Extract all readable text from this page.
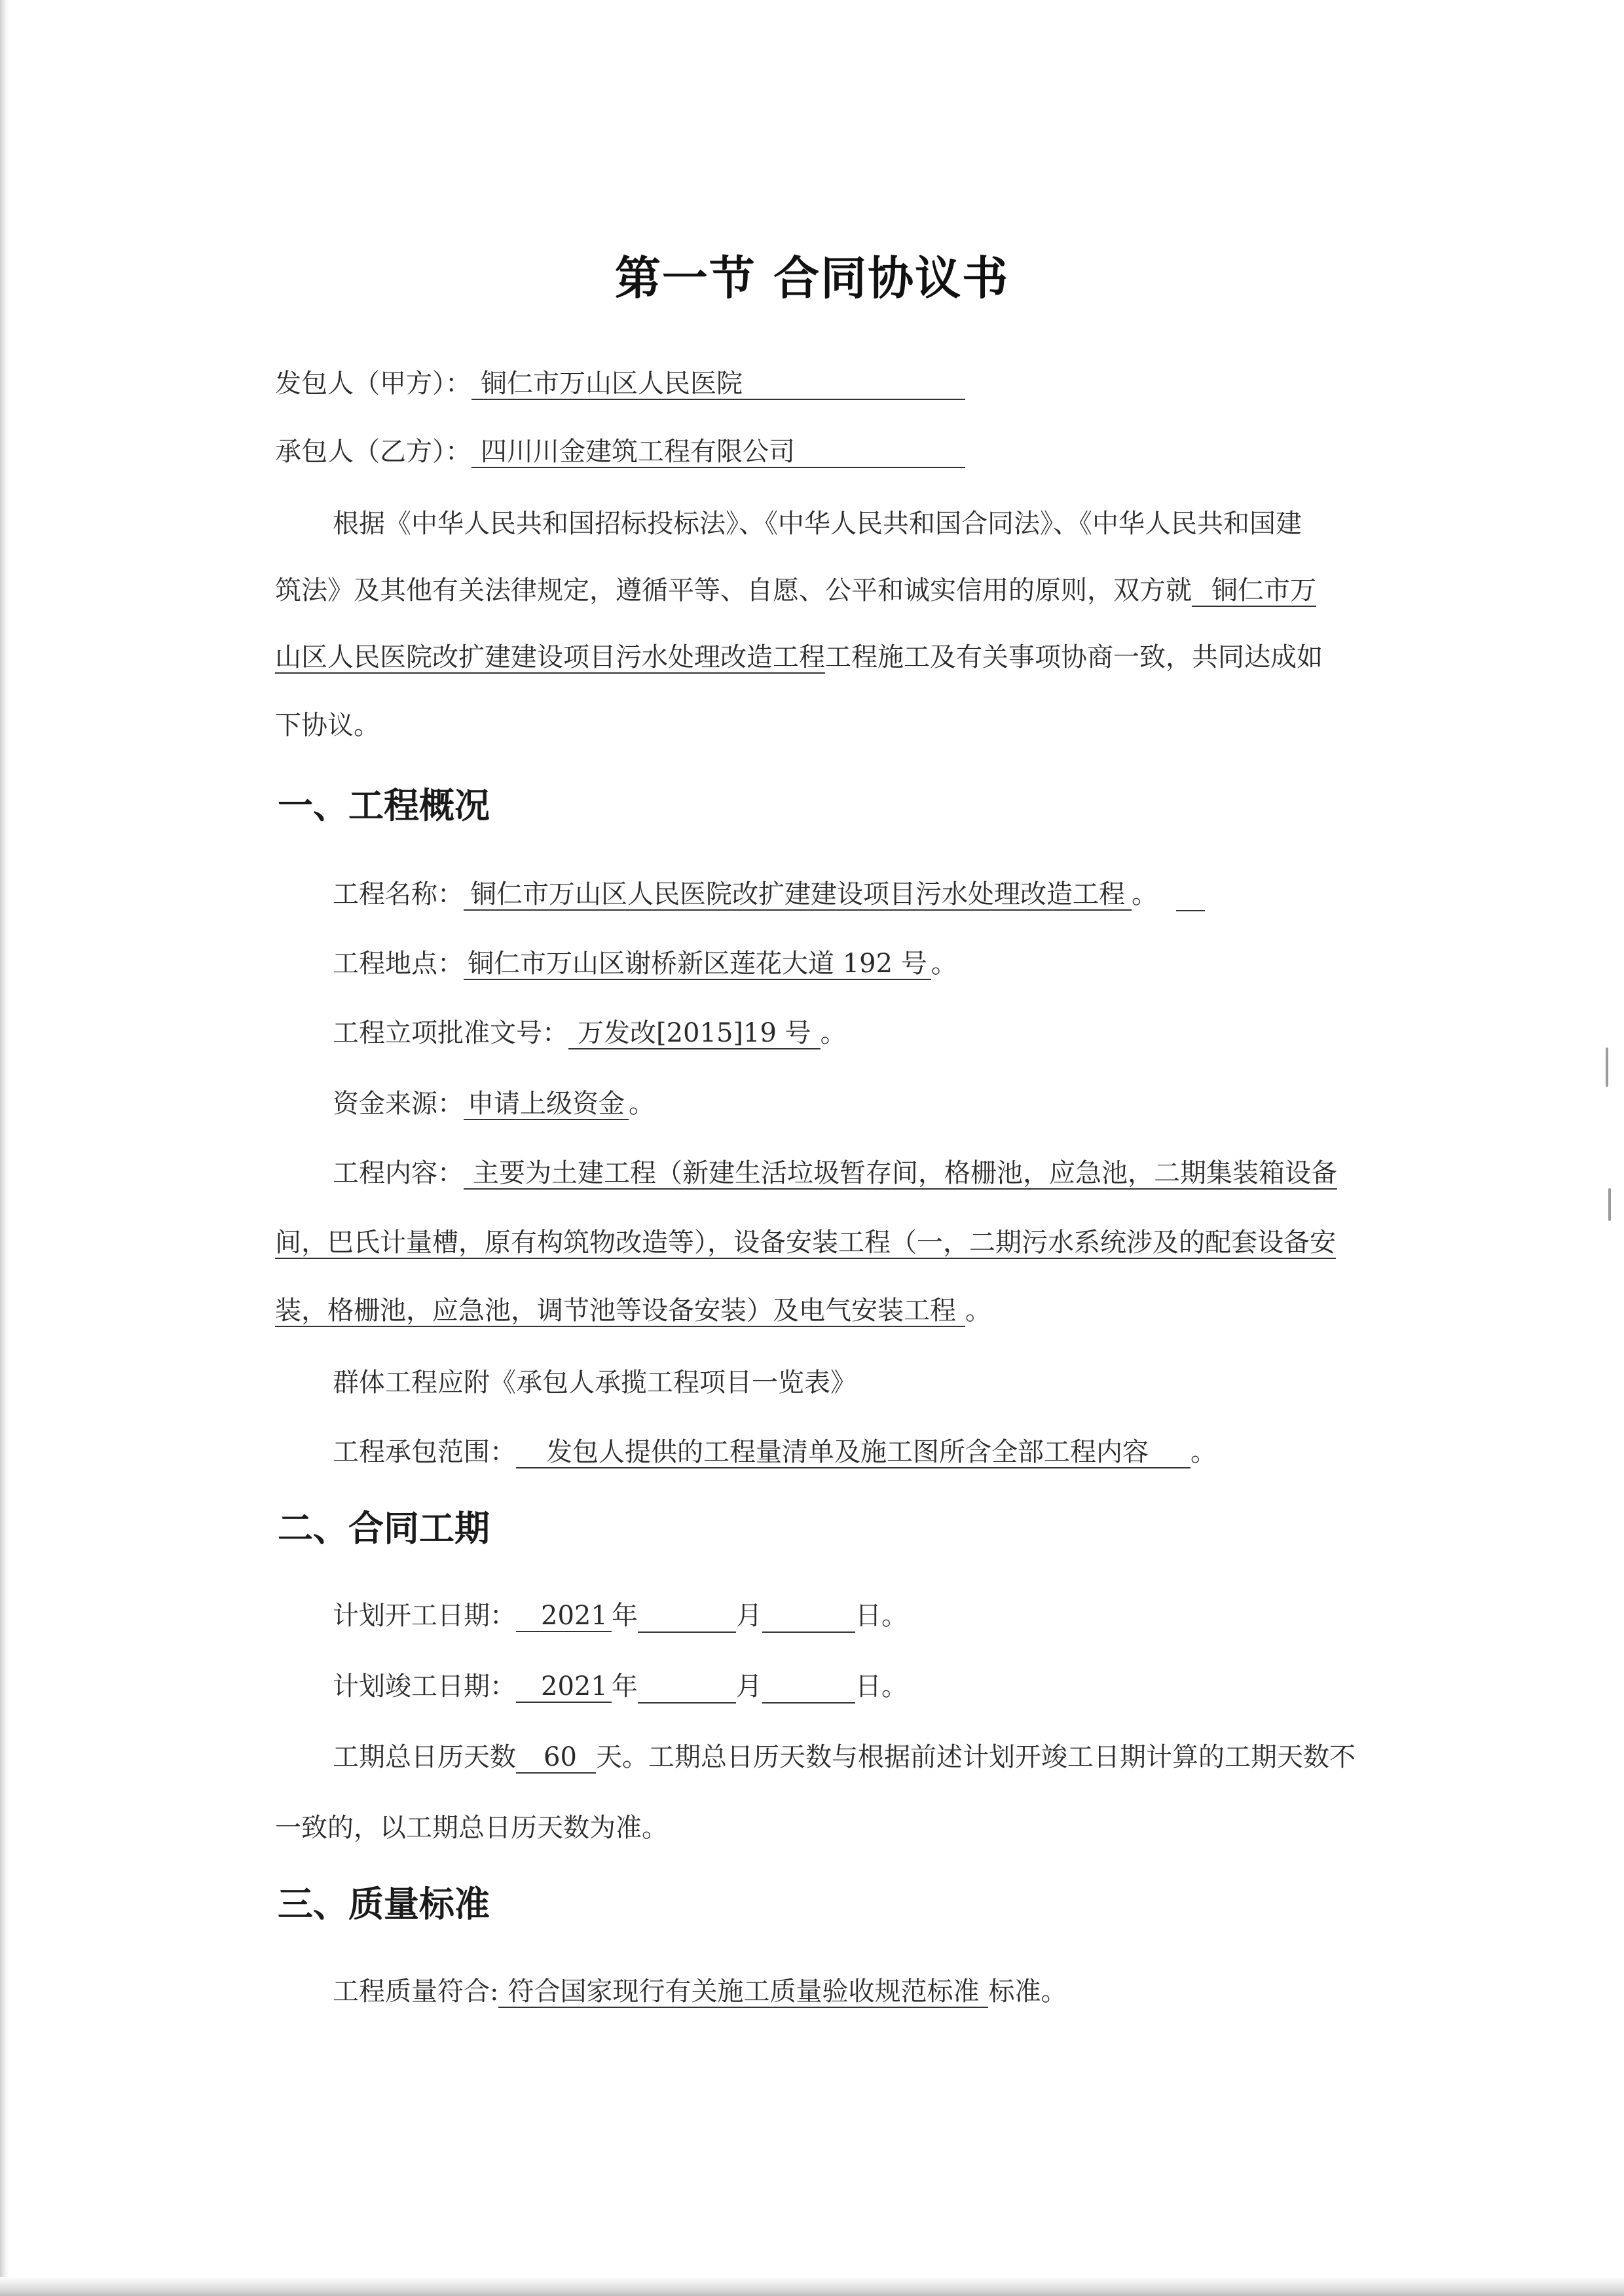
第一节 合同协议书

发包人（甲方）： 铜仁市万山区人民医院

承包人（乙方）： 四川川金建筑工程有限公司

根据《中华人民共和国招标投标法》、《中华人民共和国合同法》、《中华人民共和国建

筑法》及其他有关法律规定，遵循平等、自愿、公平和诚实信用的原则，双方就 铜仁市万

山区人民医院改扩建建设项目污水处理改造工程工程施工及有关事项协商一致，共同达成如

下协议。

一、工程概况

工程名称： 铜仁市万山区人民医院改扩建建设项目污水处理改造工程 。

工程地点： 铜仁市万山区谢桥新区莲花大道 192 号 。

工程立项批准文号： 万发改[2015]19 号 。

资金来源： 申请上级资金 。

工程内容： 主要为土建工程（新建生活垃圾暂存间，格栅池，应急池，二期集装箱设备

间，巴氏计量槽，原有构筑物改造等），设备安装工程（一，二期污水系统涉及的配套设备安

装，格栅池，应急池，调节池等设备安装）及电气安装工程 。

群体工程应附《承包人承揽工程项目一览表》

工程承包范围： 发包人提供的工程量清单及施工图所含全部工程内容 。

二、合同工期

计划开工日期： 2021 年	月	日。

计划竣工日期： 2021 年	月	日。

工期总日历天数 60 天。工期总日历天数与根据前述计划开竣工日期计算的工期天数不

一致的，以工期总日历天数为准。

三、质量标准

工程质量符合: 符合国家现行有关施工质量验收规范标准 标准。
